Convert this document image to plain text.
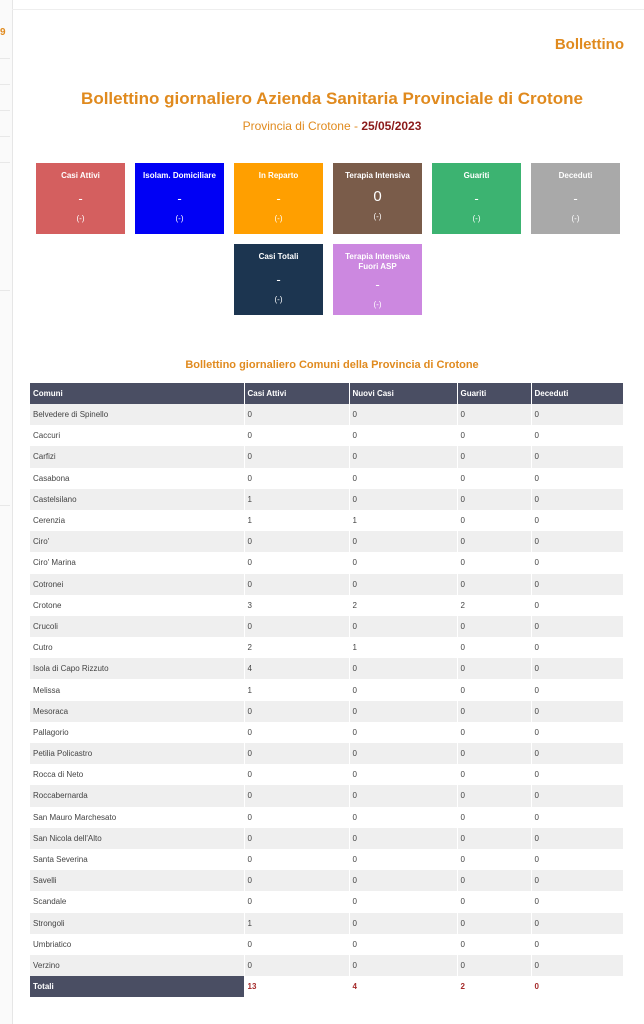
9
Bollettino
Bollettino giornaliero Azienda Sanitaria Provinciale di Crotone
Provincia di Crotone - 25/05/2023
Casi Attivi
-
(-)
Isolam. Domiciliare
-
(-)
In Reparto
-
(-)
Terapia Intensiva
0
(-)
Guariti
-
(-)
Deceduti
-
(-)
Casi Totali
-
(-)
Terapia Intensiva Fuori ASP
-
(-)
Bollettino giornaliero Comuni della Provincia di Crotone
Comuni	Casi Attivi	Nuovi Casi	Guariti	Deceduti
Belvedere di Spinello	0	0	0	0
Caccuri	0	0	0	0
Carfizi	0	0	0	0
Casabona	0	0	0	0
Castelsilano	1	0	0	0
Cerenzia	1	1	0	0
Ciro'	0	0	0	0
Ciro' Marina	0	0	0	0
Cotronei	0	0	0	0
Crotone	3	2	2	0
Crucoli	0	0	0	0
Cutro	2	1	0	0
Isola di Capo Rizzuto	4	0	0	0
Melissa	1	0	0	0
Mesoraca	0	0	0	0
Pallagorio	0	0	0	0
Petilia Policastro	0	0	0	0
Rocca di Neto	0	0	0	0
Roccabernarda	0	0	0	0
San Mauro Marchesato	0	0	0	0
San Nicola dell'Alto	0	0	0	0
Santa Severina	0	0	0	0
Savelli	0	0	0	0
Scandale	0	0	0	0
Strongoli	1	0	0	0
Umbriatico	0	0	0	0
Verzino	0	0	0	0
Totali	13	4	2	0
